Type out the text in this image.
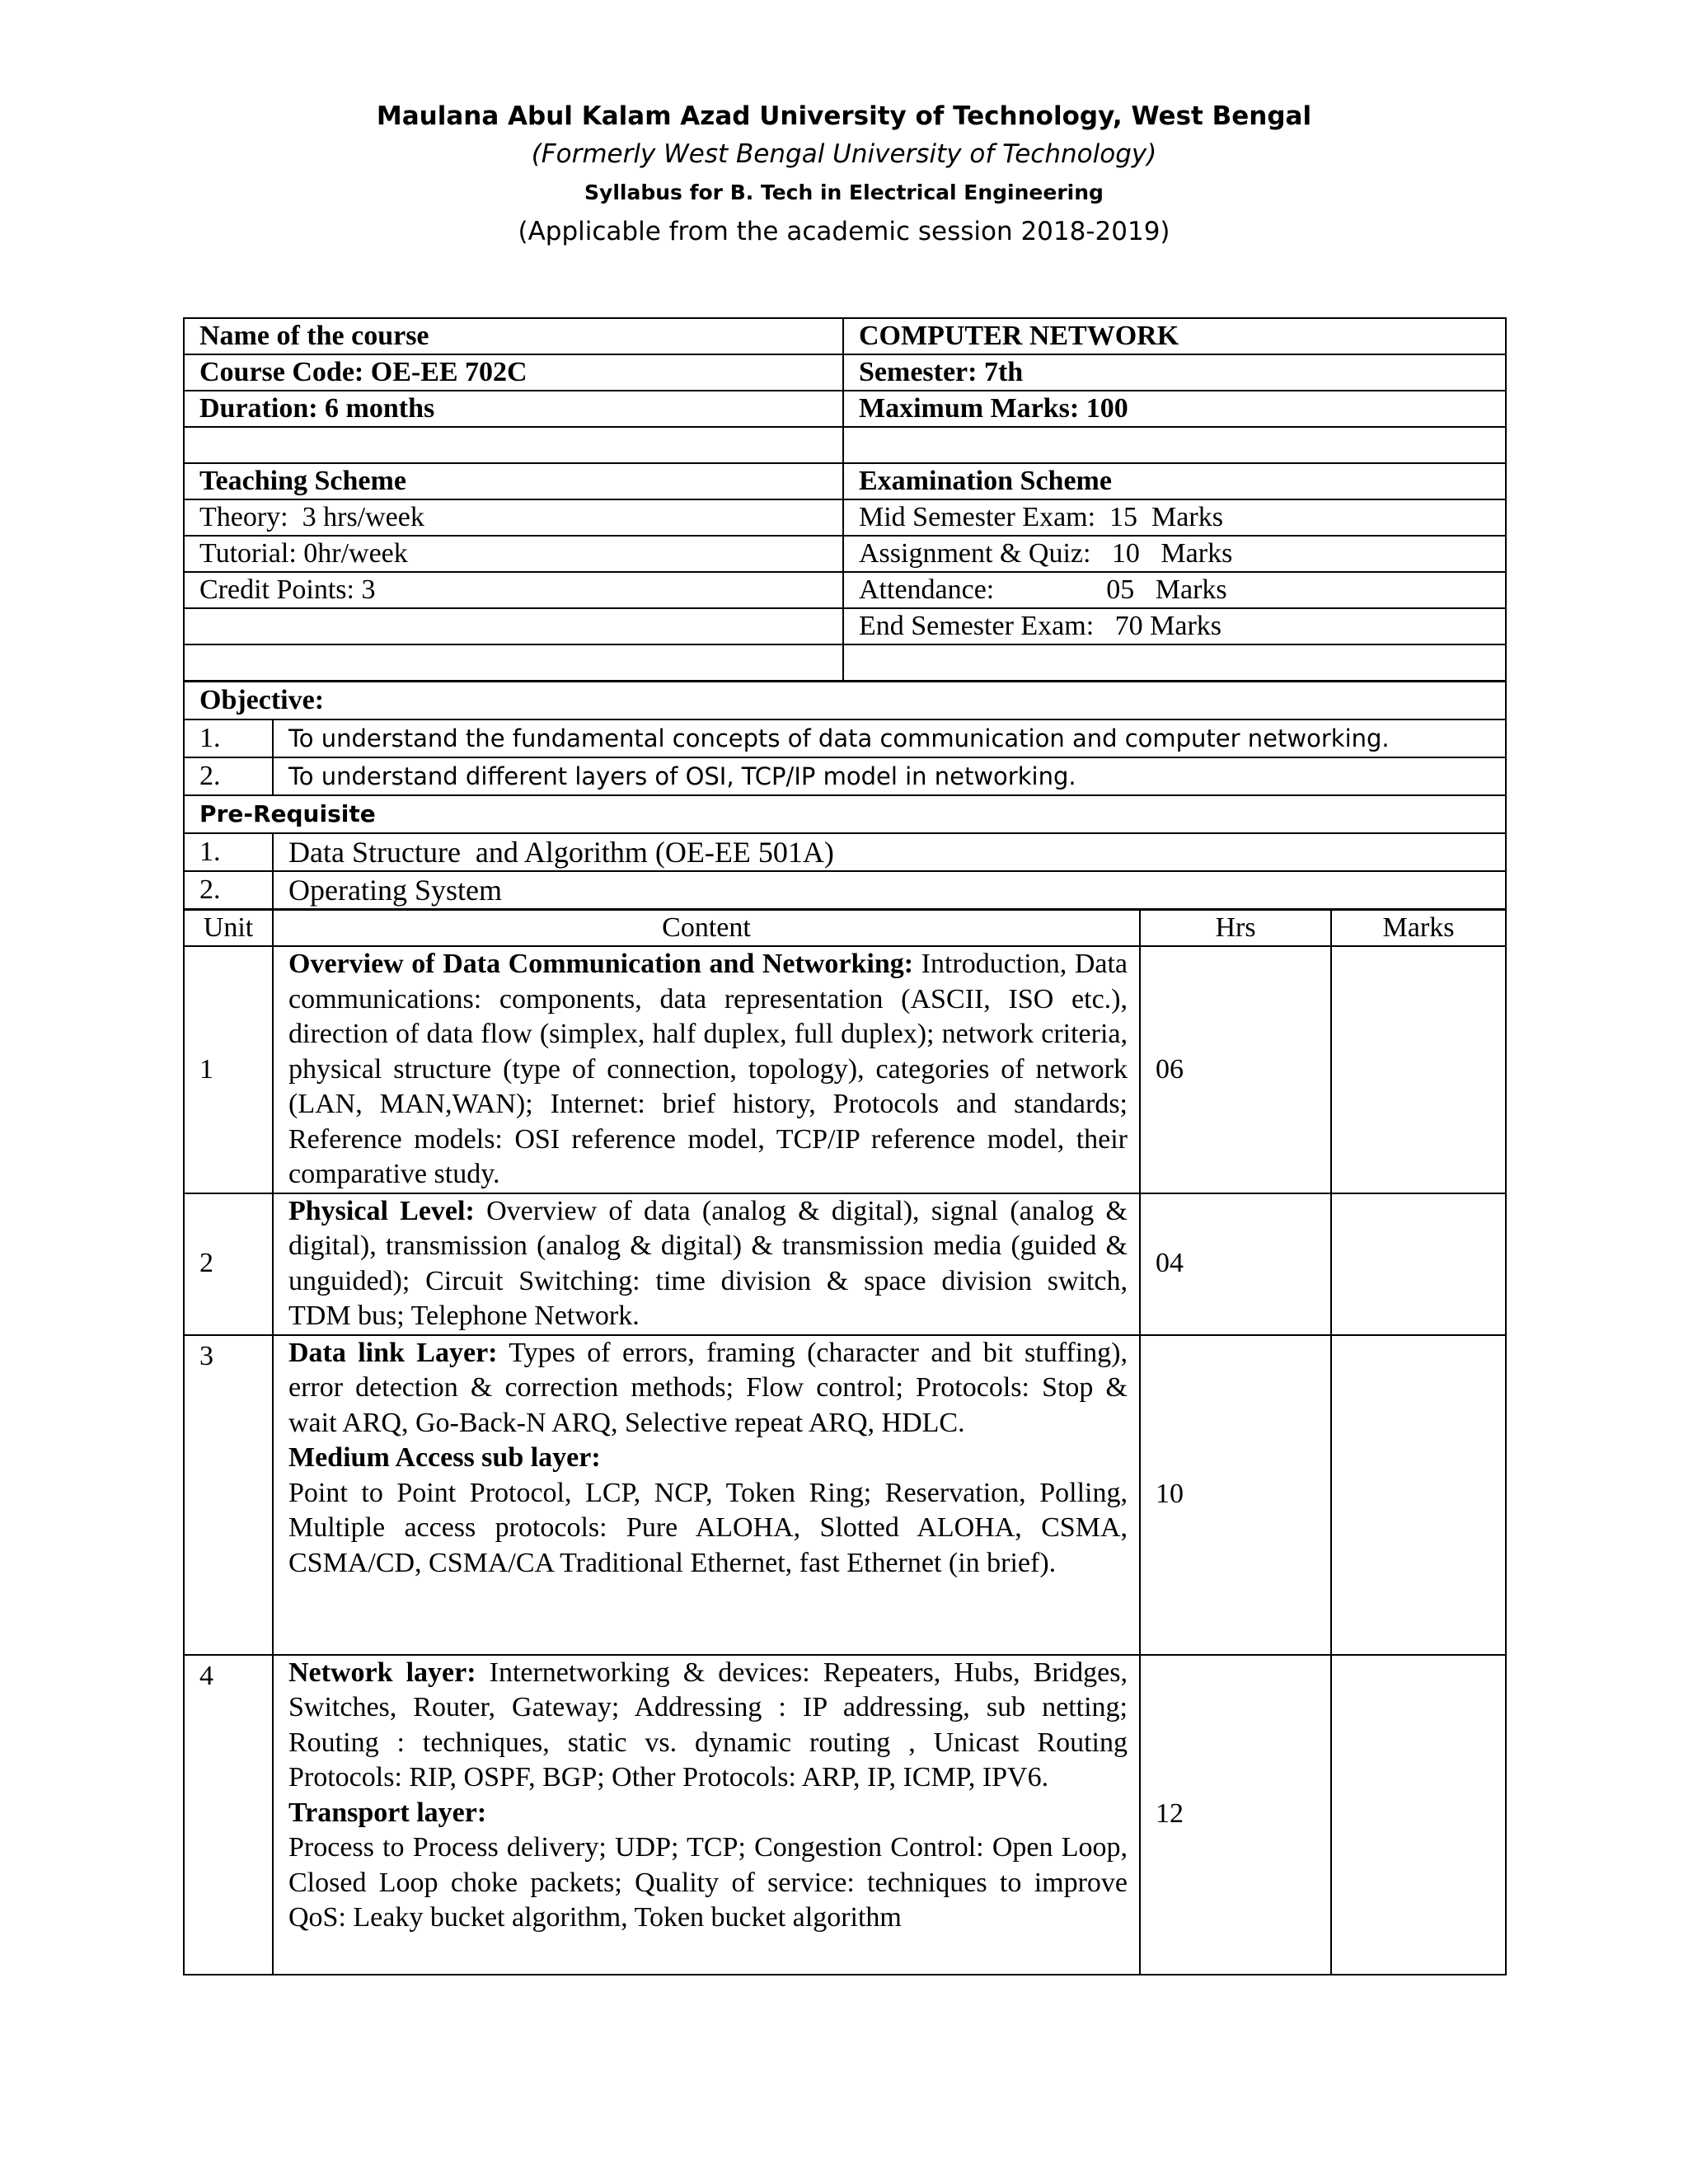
Maulana Abul Kalam Azad University of Technology, West Bengal
(Formerly West Bengal University of Technology)
Syllabus for B. Tech in Electrical Engineering
(Applicable from the academic session 2018-2019)
Name of the course	COMPUTER NETWORK
Course Code: OE-EE 702C	Semester: 7th
Duration: 6 months	Maximum Marks: 100

Teaching Scheme	Examination Scheme
Theory:  3 hrs/week	Mid Semester Exam:  15  Marks
Tutorial: 0hr/week	Assignment & Quiz:   10   Marks
Credit Points: 3	Attendance:                05   Marks
	End Semester Exam:   70 Marks

Objective:	
1.	To understand the fundamental concepts of data communication and computer networking.
2.	To understand different layers of OSI, TCP/IP model in networking.
Pre-Requisite	
1.	Data Structure  and Algorithm (OE-EE 501A)
2.	Operating System
Unit	Content	Hrs	Marks
1	Overview of Data Communication and Networking: Introduction, Data communications: components, data representation (ASCII, ISO etc.), direction of data flow (simplex, half duplex, full duplex); network criteria, physical structure (type of connection, topology), categories of network (LAN, MAN,WAN); Internet: brief history, Protocols and standards; Reference models: OSI reference model, TCP/IP reference model, their comparative study.	06	
2	Physical Level: Overview of data (analog & digital), signal (analog & digital), transmission (analog & digital) & transmission media (guided & unguided); Circuit Switching: time division & space division switch, TDM bus; Telephone Network.	04	
3	Data link Layer: Types of errors, framing (character and bit stuffing), error detection & correction methods; Flow control; Protocols: Stop & wait ARQ, Go-Back-N ARQ, Selective repeat ARQ, HDLC.
Medium Access sub layer:
Point to Point Protocol, LCP, NCP, Token Ring; Reservation, Polling, Multiple access protocols: Pure ALOHA, Slotted ALOHA, CSMA, CSMA/CD, CSMA/CA Traditional Ethernet, fast Ethernet (in brief).	10	
4	Network layer: Internetworking & devices: Repeaters, Hubs, Bridges, Switches, Router, Gateway; Addressing : IP addressing, sub netting; Routing : techniques, static vs. dynamic routing , Unicast Routing Protocols: RIP, OSPF, BGP; Other Protocols: ARP, IP, ICMP, IPV6.
Transport layer:
Process to Process delivery; UDP; TCP; Congestion Control: Open Loop, Closed Loop choke packets; Quality of service: techniques to improve QoS: Leaky bucket algorithm, Token bucket algorithm	12	
